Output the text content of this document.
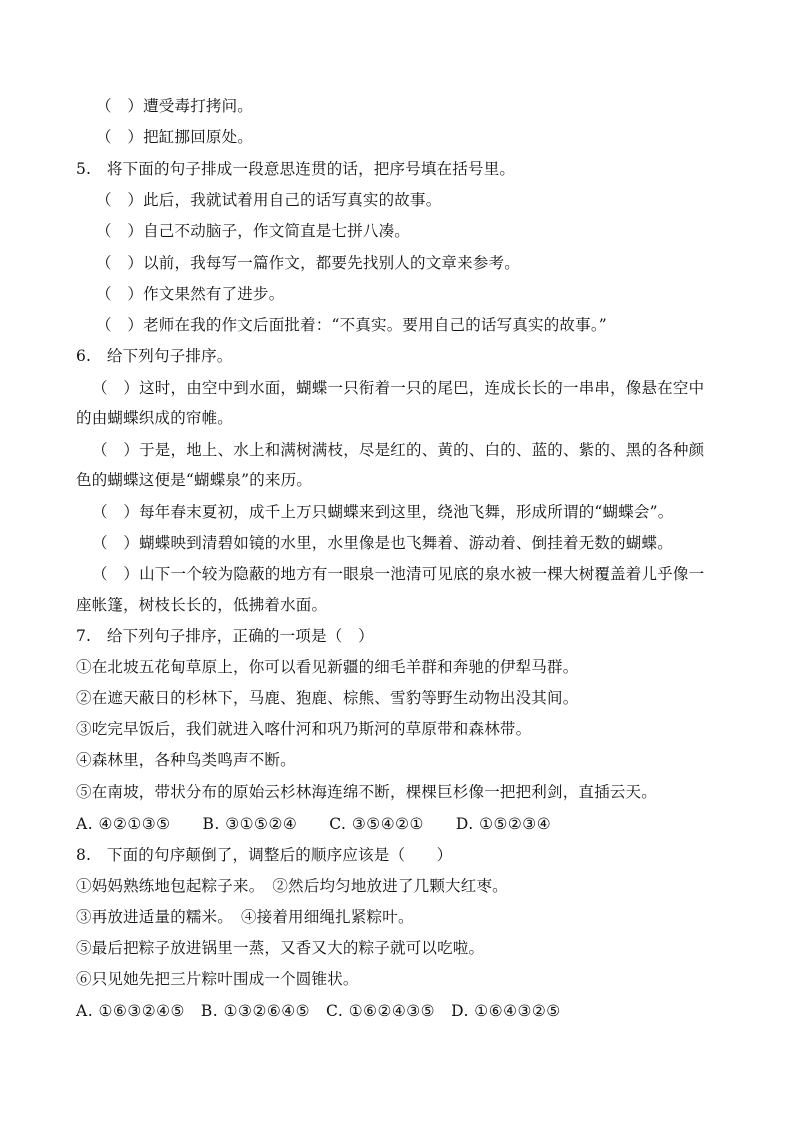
（　）遭受毒打拷问。
（　）把缸挪回原处。
5.　将下面的句子排成一段意思连贯的话，把序号填在括号里。
（　）此后，我就试着用自己的话写真实的故事。
（　）自己不动脑子，作文简直是七拼八凑。
（　）以前，我每写一篇作文，都要先找别人的文章来参考。
（　）作文果然有了进步。
（　）老师在我的作文后面批着：“不真实。要用自己的话写真实的故事。”
6.　给下列句子排序。
（　）这时，由空中到水面，蝴蝶一只衔着一只的尾巴，连成长长的一串串，像悬在空中
的由蝴蝶织成的帘帷。
（　）于是，地上、水上和满树满枝，尽是红的、黄的、白的、蓝的、紫的、黑的各种颜
色的蝴蝶这便是“蝴蝶泉”的来历。
（　）每年春末夏初，成千上万只蝴蝶来到这里，绕池飞舞，形成所谓的“蝴蝶会”。
（　）蝴蝶映到清碧如镜的水里，水里像是也飞舞着、游动着、倒挂着无数的蝴蝶。
（　）山下一个较为隐蔽的地方有一眼泉一池清可见底的泉水被一棵大树覆盖着儿乎像一
座帐篷，树枝长长的，低拂着水面。
7.　给下列句子排序，正确的一项是（　）
①在北坡五花甸草原上，你可以看见新疆的细毛羊群和奔驰的伊犁马群。
②在遮天蔽日的杉林下，马鹿、狍鹿、棕熊、雪豹等野生动物出没其间。
③吃完早饭后，我们就进入喀什河和巩乃斯河的草原带和森林带。
④森林里，各种鸟类鸣声不断。
⑤在南坡，带状分布的原始云杉林海连绵不断，棵棵巨杉像一把把利剑，直插云天。
A. ④②①③⑤　　B. ③①⑤②④　　C. ③⑤④②①　　D. ①⑤②③④
8.　下面的句序颠倒了，调整后的顺序应该是（　　）
①妈妈熟练地包起粽子来。　②然后均匀地放进了几颗大红枣。
③再放进适量的糯米。　④接着用细绳扎紧粽叶。
⑤最后把粽子放进锅里一蒸，又香又大的粽子就可以吃啦。
⑥只见她先把三片粽叶围成一个圆锥状。
A. ①⑥③②④⑤　B. ①③②⑥④⑤　C. ①⑥②④③⑤　D. ①⑥④③②⑤
